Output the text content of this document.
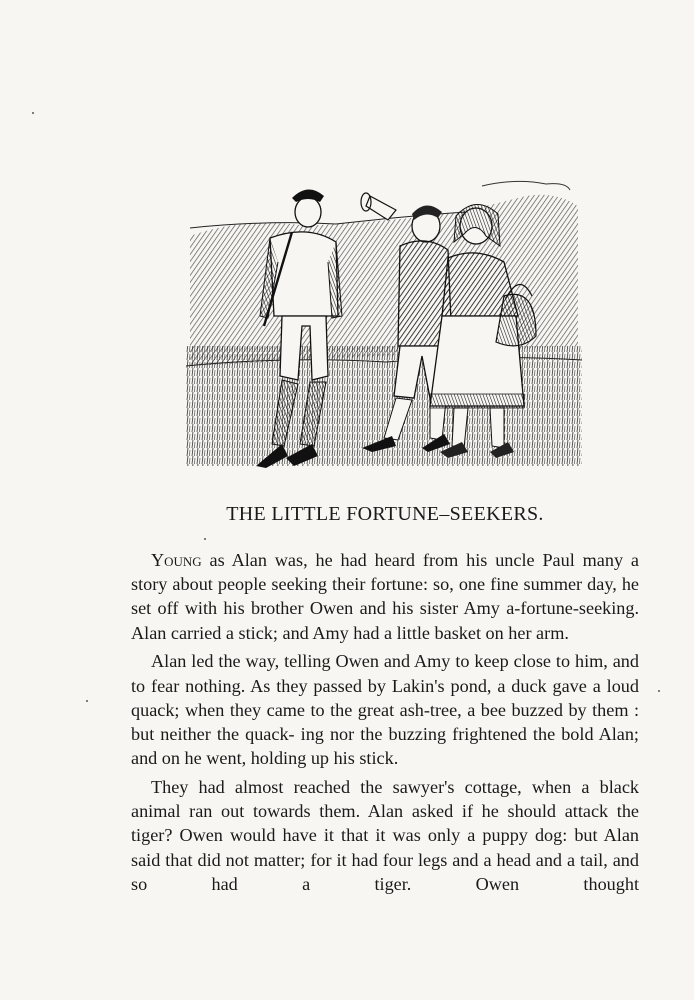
THE LITTLE FORTUNE–SEEKERS.

Young as Alan was, he had heard from his uncle Paul many a story about people seeking their fortune: so, one fine summer day, he set off with his brother Owen and his sister Amy a-fortune-seeking. Alan carried a stick; and Amy had a little basket on her arm.

Alan led the way, telling Owen and Amy to keep close to him, and to fear nothing. As they passed by Lakin's pond, a duck gave a loud quack; when they came to the great ash-tree, a bee buzzed by them : but neither the quack- ing nor the buzzing frightened the bold Alan; and on he went, holding up his stick.

They had almost reached the sawyer's cottage, when a black animal ran out towards them. Alan asked if he should attack the tiger? Owen would have it that it was only a puppy dog: but Alan said that did not matter; for it had four legs and a head and a tail, and so had a tiger. Owen thought
